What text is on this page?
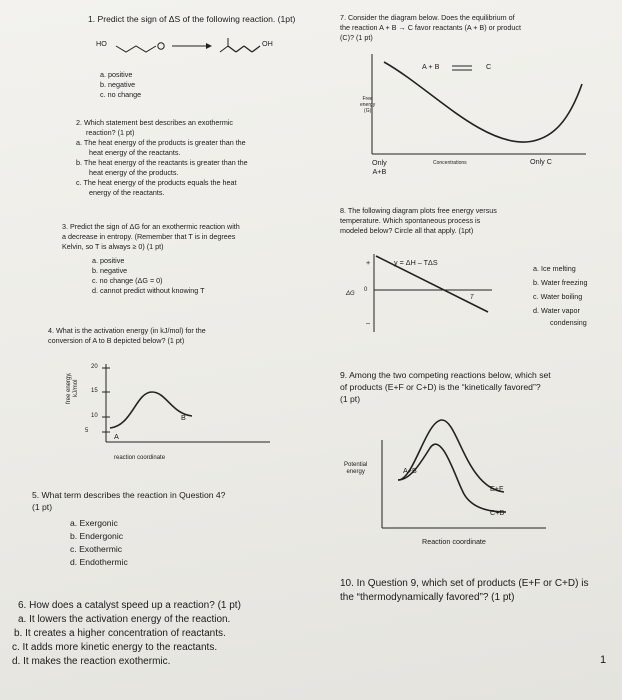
1. Predict the sign of ΔS of the following reaction. (1pt)
HO	OH
a. positive
b. negative
c. no change
2. Which statement best describes an exothermic
reaction? (1 pt)
a. The heat energy of the products is greater than the
heat energy of the reactants.
b. The heat energy of the reactants is greater than the
heat energy of the products.
c. The heat energy of the products equals the heat
energy of the reactants.
3. Predict the sign of ΔG for an exothermic reaction with
a decrease in entropy. (Remember that T is in degrees
Kelvin, so T is always ≥ 0) (1 pt)
a. positive
b. negative
c. no change (ΔG = 0)
d. cannot predict without knowing T
4. What is the activation energy (in kJ/mol) for the
conversion of A to B depicted below? (1 pt)
free energy, kJ/mol
20
15
10
5
A
B
reaction coordinate
5. What term describes the reaction in Question 4?
(1 pt)
a. Exergonic
b. Endergonic
c. Exothermic
d. Endothermic
6. How does a catalyst speed up a reaction? (1 pt)
a. It lowers the activation energy of the reaction.
b. It creates a higher concentration of reactants.
c. It adds more kinetic energy to the reactants.
d. It makes the reaction exothermic.
7. Consider the diagram below. Does the equilibrium of
the reaction A + B → C favor reactants (A + B) or product
(C)? (1 pt)
A + B	C
Free
energy
(G)
Only
A+B
Concentrations	Only C
8. The following diagram plots free energy versus
temperature. Which spontaneous process is
modeled below? Circle all that apply. (1pt)
+
–
y = ΔH – TΔS
ΔG
0
T
a. Ice melting
b. Water freezing
c. Water boiling
d. Water vapor
condensing
9. Among the two competing reactions below, which set
of products (E+F or C+D) is the “kinetically favored”?
(1 pt)
Potential
energy	A+B
E+F
C+D
Reaction coordinate
10. In Question 9, which set of products (E+F or C+D) is
the “thermodynamically favored”? (1 pt)
1
